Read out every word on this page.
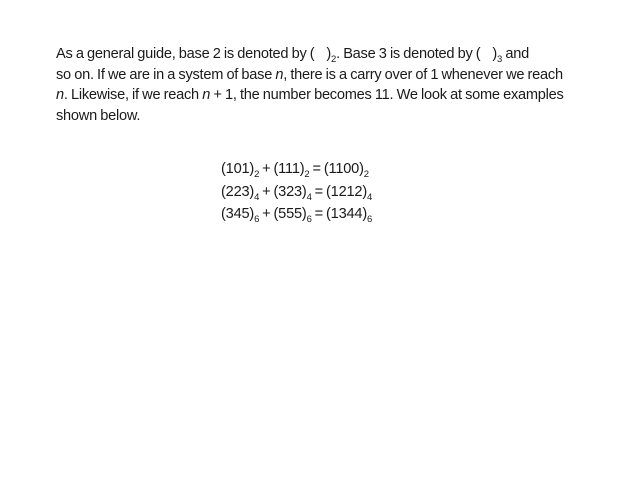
As a general guide, base 2 is denoted by ( )$_2$. Base 3 is denoted by ( )$_3$ and
so on. If we are in a system of base n, there is a carry over of 1 whenever we reach
n. Likewise, if we reach n + 1, the number becomes 11. We look at some examples
shown below.
$(101)_2 + (111)_2 = (1100)_2$
$(223)_4 + (323)_4 = (1212)_4$
$(345)_6 + (555)_6 = (1344)_6$
